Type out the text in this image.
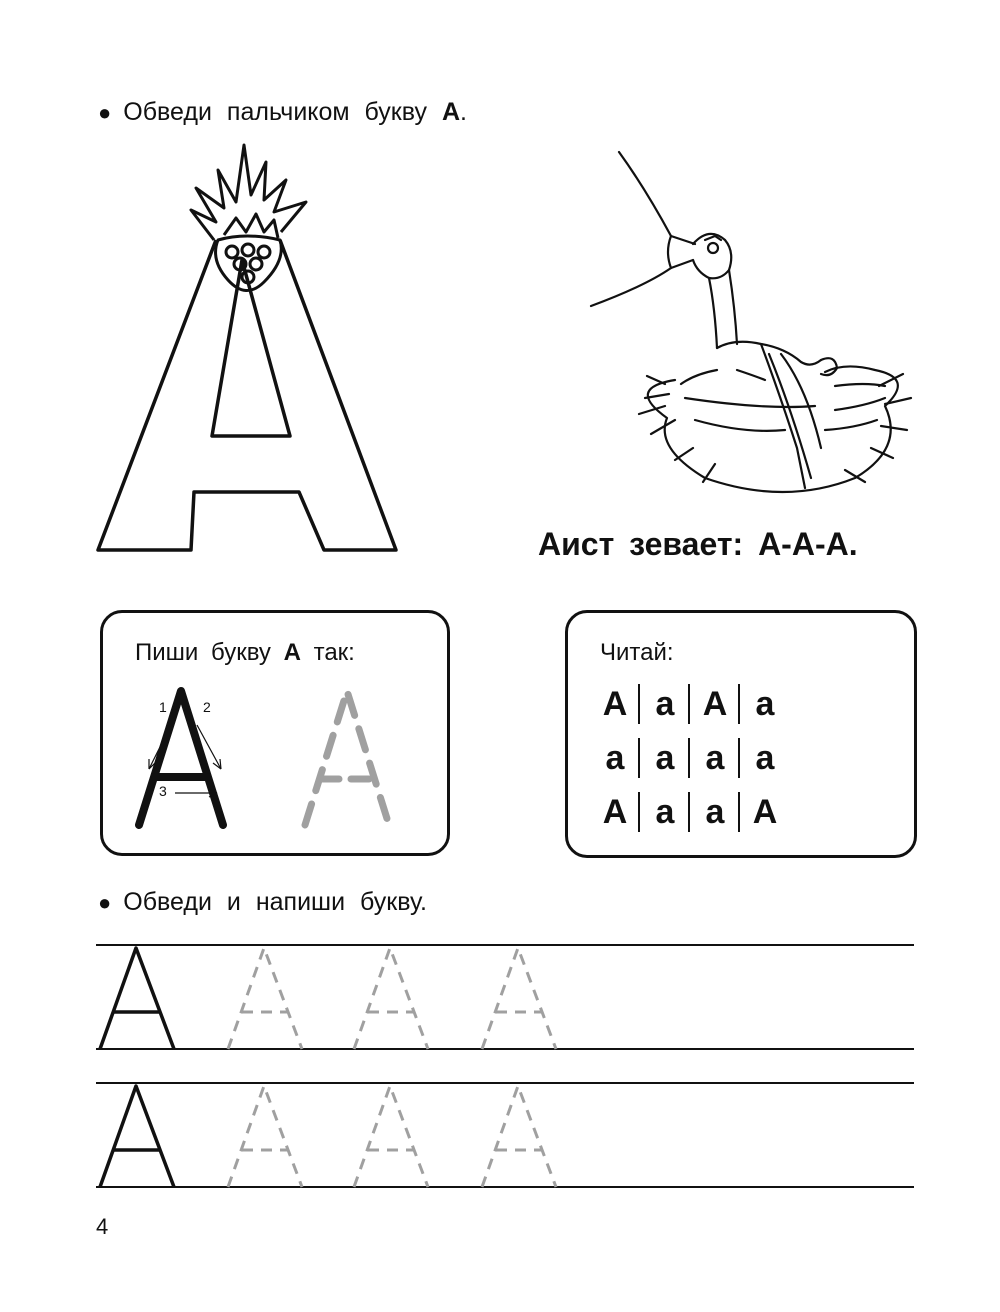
● Обведи пальчиком букву А.
Аист зевает: А-А-А.
Пиши букву А так:
1	2
3
Читай:
А а А а
а а а а
А а а А
● Обведи и напиши букву.
4
